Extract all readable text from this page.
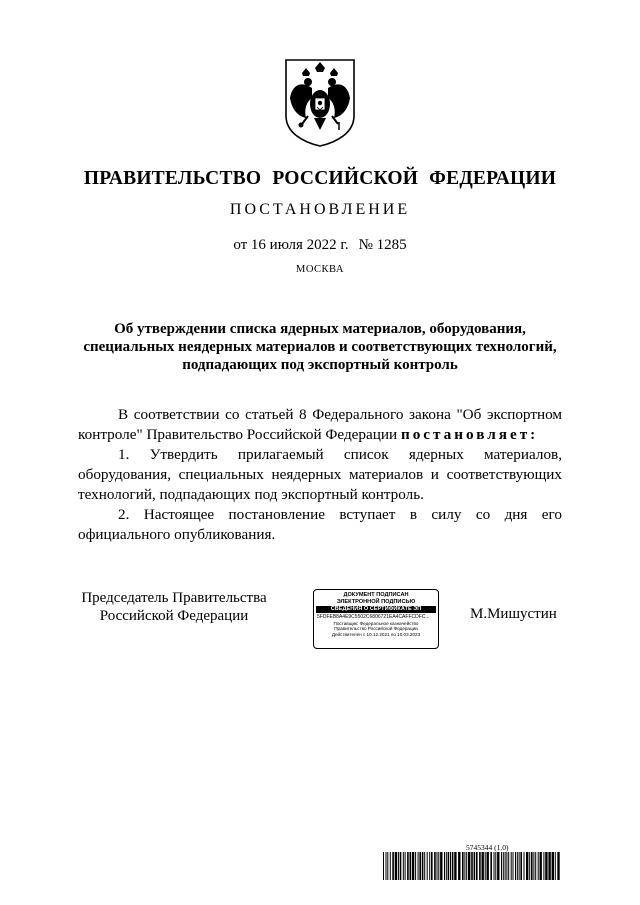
ПРАВИТЕЛЬСТВО РОССИЙСКОЙ ФЕДЕРАЦИИ
ПОСТАНОВЛЕНИЕ
от 16 июля 2022 г. № 1285
МОСКВА
Об утверждении списка ядерных материалов, оборудования, специальных неядерных материалов и соответствующих технологий, подпадающих под экспортный контроль

В соответствии со статьей 8 Федерального закона "Об экспортном контроле" Правительство Российской Федерации постановляет:

1. Утвердить прилагаемый список ядерных материалов, оборудования, специальных неядерных материалов и соответствующих технологий, подпадающих под экспортный контроль.

2. Настоящее постановление вступает в силу со дня его официального опубликования.

Председатель Правительства
Российской Федерации
ДОКУМЕНТ ПОДПИСАН
ЭЛЕКТРОННОЙ ПОДПИСЬЮ
СВЕДЕНИЯ О СЕРТИФИКАТЕ ЭП
5FDFEB8A4E9C5502C6806721EA4CAFFCDFC...
Поставщик: Федеральное казначейство
Правительство Российской Федерации
Действителен с 10.12.2021 по 10.03.2023
М.Мишустин
5745344 (1.0)
